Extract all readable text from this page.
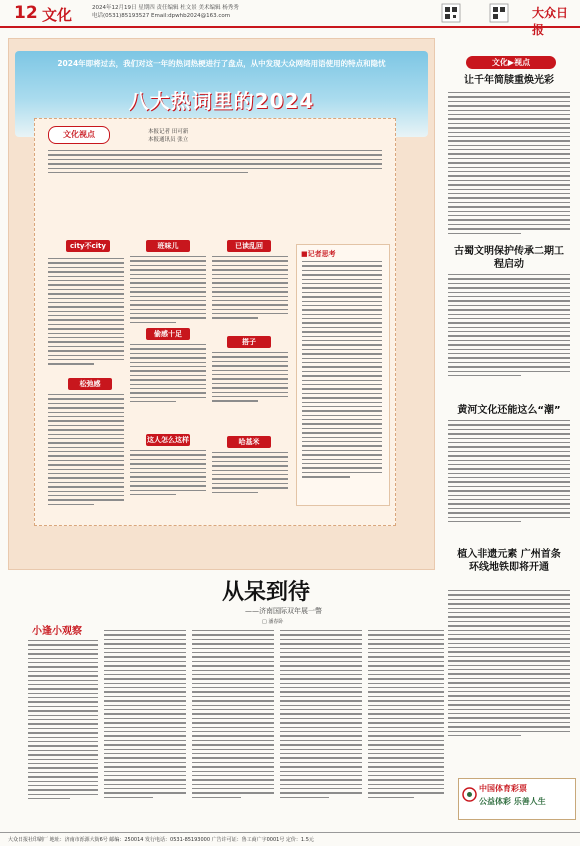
12 文化	2024年12月19日 星期四 责任编辑 杜文景 美术编辑 杨秀秀
电话(0531)85193527 Email:dpwhb2024@163.com	大众日报
2024年即将过去，我们对这一年的热词热梗进行了盘点，从中发现大众网络用语使用的特点和隐忧
八大热词里的2024
文化视点	本报记者 田可新
本报通讯员 张立
city不city	班味儿	已读乱回
松弛感
偷感十足
搭子
这人怎么这样	哈基米
■记者思考
文化▶视点
让千年简牍重焕光彩
古蜀文明保护传承二期工程启动
黄河文化还能这么“潮”
植入非遗元素 广州首条环线地铁即将开通
从呆到待
——济南国际双年展一瞥
□ 潘春卧
小逢小观察
中国体育彩票
公益体彩 乐善人生
大众日报社印刷厂 地址：济南市泺源大街6号 邮编：250014 发行电话：0531-85193000 广告许可证：鲁工商广字0001号 定价：1.5元
